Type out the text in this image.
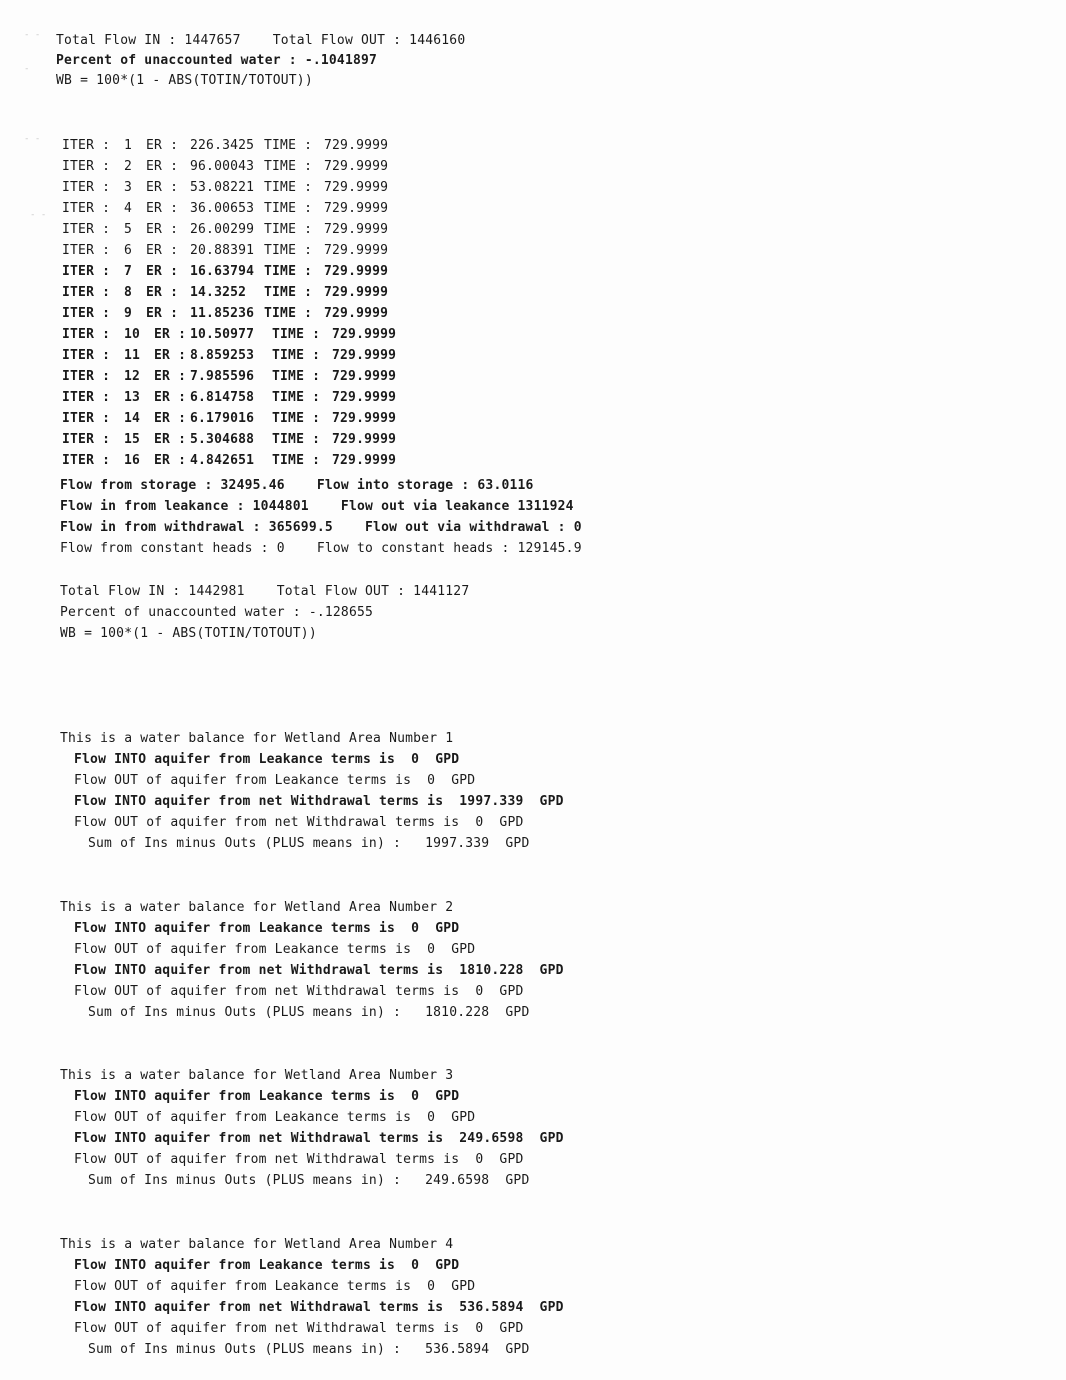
- -
-
- -
- -
Total Flow IN : 1447657    Total Flow OUT : 1446160
Percent of unaccounted water : -.1041897
WB = 100*(1 - ABS(TOTIN/TOTOUT))
ITER : 1 ER : 226.3425 TIME : 729.9999
ITER : 2 ER : 96.00043 TIME : 729.9999
ITER : 3 ER : 53.08221 TIME : 729.9999
ITER : 4 ER : 36.00653 TIME : 729.9999
ITER : 5 ER : 26.00299 TIME : 729.9999
ITER : 6 ER : 20.88391 TIME : 729.9999
ITER : 7 ER : 16.63794 TIME : 729.9999
ITER : 8 ER : 14.3252 TIME : 729.9999
ITER : 9 ER : 11.85236 TIME : 729.9999
ITER : 10 ER : 10.50977 TIME : 729.9999
ITER : 11 ER : 8.859253 TIME : 729.9999
ITER : 12 ER : 7.985596 TIME : 729.9999
ITER : 13 ER : 6.814758 TIME : 729.9999
ITER : 14 ER : 6.179016 TIME : 729.9999
ITER : 15 ER : 5.304688 TIME : 729.9999
ITER : 16 ER : 4.842651 TIME : 729.9999
Flow from storage : 32495.46    Flow into storage : 63.0116
Flow in from leakance : 1044801    Flow out via leakance 1311924
Flow in from withdrawal : 365699.5    Flow out via withdrawal : 0
Flow from constant heads : 0    Flow to constant heads : 129145.9
Total Flow IN : 1442981    Total Flow OUT : 1441127
Percent of unaccounted water : -.128655
WB = 100*(1 - ABS(TOTIN/TOTOUT))
This is a water balance for Wetland Area Number 1
Flow INTO aquifer from Leakance terms is  0  GPD
Flow OUT of aquifer from Leakance terms is  0  GPD
Flow INTO aquifer from net Withdrawal terms is  1997.339  GPD
Flow OUT of aquifer from net Withdrawal terms is  0  GPD
Sum of Ins minus Outs (PLUS means in) :   1997.339  GPD
This is a water balance for Wetland Area Number 2
Flow INTO aquifer from Leakance terms is  0  GPD
Flow OUT of aquifer from Leakance terms is  0  GPD
Flow INTO aquifer from net Withdrawal terms is  1810.228  GPD
Flow OUT of aquifer from net Withdrawal terms is  0  GPD
Sum of Ins minus Outs (PLUS means in) :   1810.228  GPD
This is a water balance for Wetland Area Number 3
Flow INTO aquifer from Leakance terms is  0  GPD
Flow OUT of aquifer from Leakance terms is  0  GPD
Flow INTO aquifer from net Withdrawal terms is  249.6598  GPD
Flow OUT of aquifer from net Withdrawal terms is  0  GPD
Sum of Ins minus Outs (PLUS means in) :   249.6598  GPD
This is a water balance for Wetland Area Number 4
Flow INTO aquifer from Leakance terms is  0  GPD
Flow OUT of aquifer from Leakance terms is  0  GPD
Flow INTO aquifer from net Withdrawal terms is  536.5894  GPD
Flow OUT of aquifer from net Withdrawal terms is  0  GPD
Sum of Ins minus Outs (PLUS means in) :   536.5894  GPD
